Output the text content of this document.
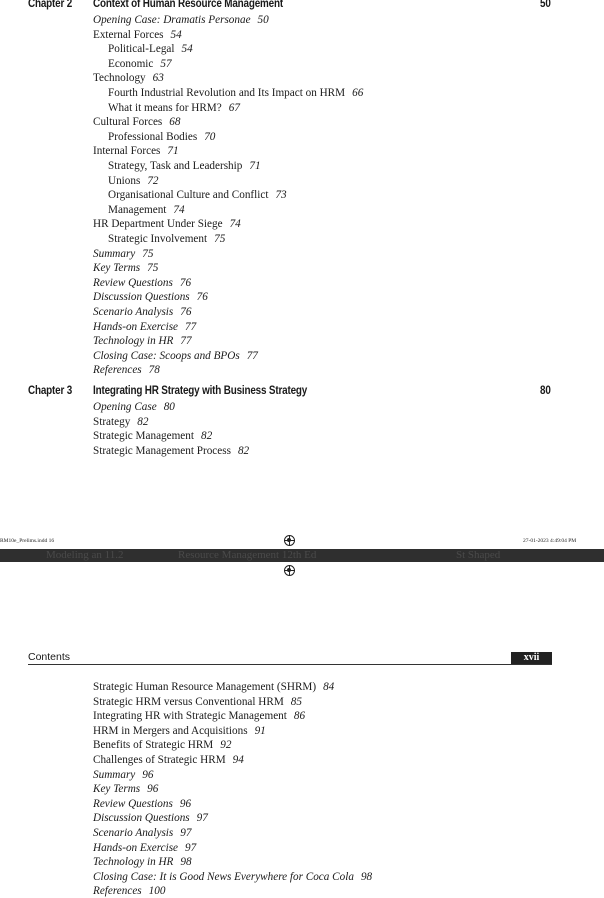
Chapter 2 Context of Human Resource Management	50
Opening Case: Dramatis Personae 50
External Forces 54
Political-Legal 54
Economic 57
Technology 63
Fourth Industrial Revolution and Its Impact on HRM 66
What it means for HRM? 67
Cultural Forces 68
Professional Bodies 70
Internal Forces 71
Strategy, Task and Leadership 71
Unions 72
Organisational Culture and Conflict 73
Management 74
HR Department Under Siege 74
Strategic Involvement 75
Summary 75
Key Terms 75
Review Questions 76
Discussion Questions 76
Scenario Analysis 76
Hands-on Exercise 77
Technology in HR 77
Closing Case: Scoops and BPOs 77
References 78
Chapter 3 Integrating HR Strategy with Business Strategy	80
Opening Case 80
Strategy 82
Strategic Management 82
Strategic Management Process 82
RM10e_Prelims.indd 16	27-01-2023 4:49:04 PM
Modeling an 11.2	Resource Management 12th Ed	St Shaped
Contents	xvii
Strategic Human Resource Management (SHRM) 84
Strategic HRM versus Conventional HRM 85
Integrating HR with Strategic Management 86
HRM in Mergers and Acquisitions 91
Benefits of Strategic HRM 92
Challenges of Strategic HRM 94
Summary 96
Key Terms 96
Review Questions 96
Discussion Questions 97
Scenario Analysis 97
Hands-on Exercise 97
Technology in HR 98
Closing Case: It is Good News Everywhere for Coca Cola 98
References 100
